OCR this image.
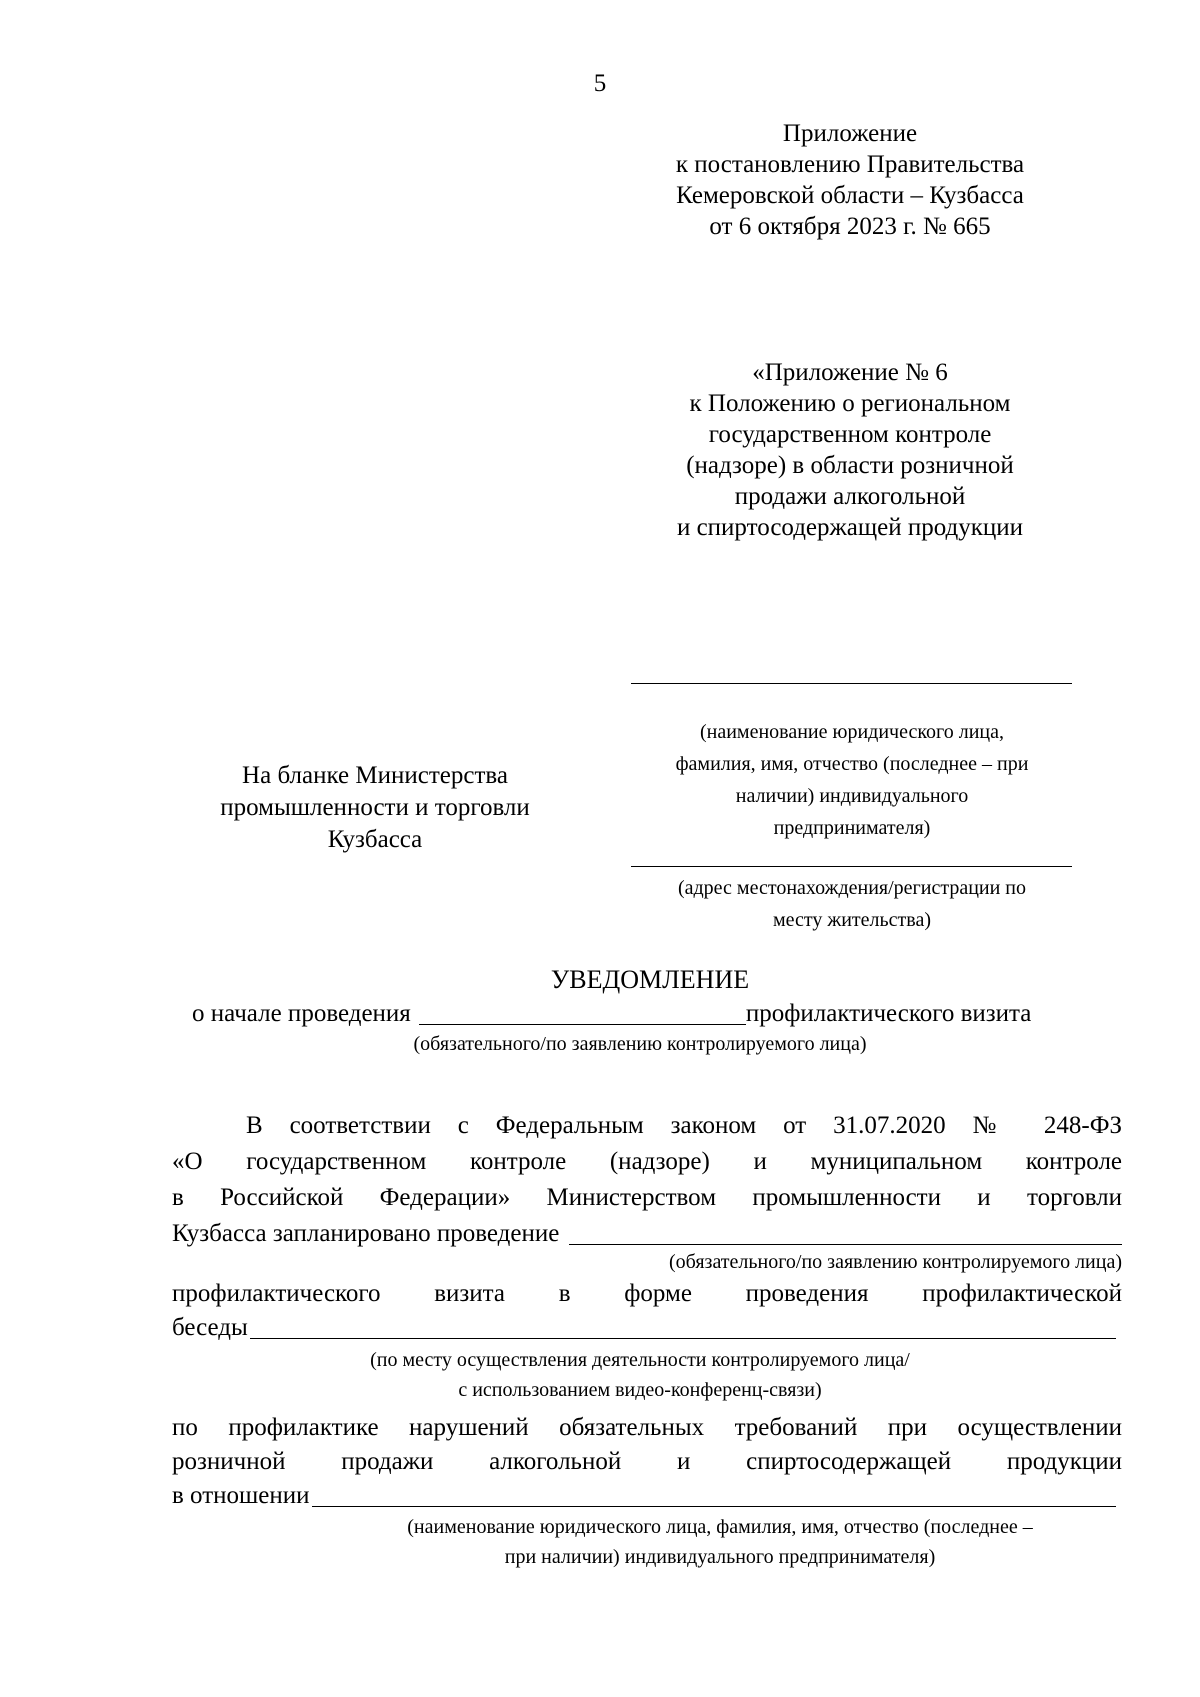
5
Приложение
к постановлению Правительства
Кемеровской области – Кузбасса
от 6 октября 2023 г. № 665
«Приложение № 6
к Положению о региональном
государственном контроле
(надзоре) в области розничной
продажи алкогольной
и спиртосодержащей продукции
(наименование юридического лица,
фамилия, имя, отчество (последнее – при
наличии) индивидуального
предпринимателя)
На бланке Министерства
промышленности и торговли
Кузбасса
(адрес местонахождения/регистрации по
месту жительства)
УВЕДОМЛЕНИЕ
о начале проведения	профилактического визита
(обязательного/по заявлению контролируемого лица)
В соответствии с Федеральным законом от 31.07.2020 № 248-ФЗ
«О государственном контроле (надзоре) и муниципальном контроле
в Российской Федерации» Министерством промышленности и торговли
Кузбасса запланировано проведение
(обязательного/по заявлению контролируемого лица)
профилактического визита в форме проведения профилактической
беседы
(по месту осуществления деятельности контролируемого лица/
с использованием видео-конференц-связи)
по профилактике нарушений обязательных требований при осуществлении
розничной продажи алкогольной и спиртосодержащей продукции
в отношении
(наименование юридического лица, фамилия, имя, отчество (последнее –
при наличии) индивидуального предпринимателя)
